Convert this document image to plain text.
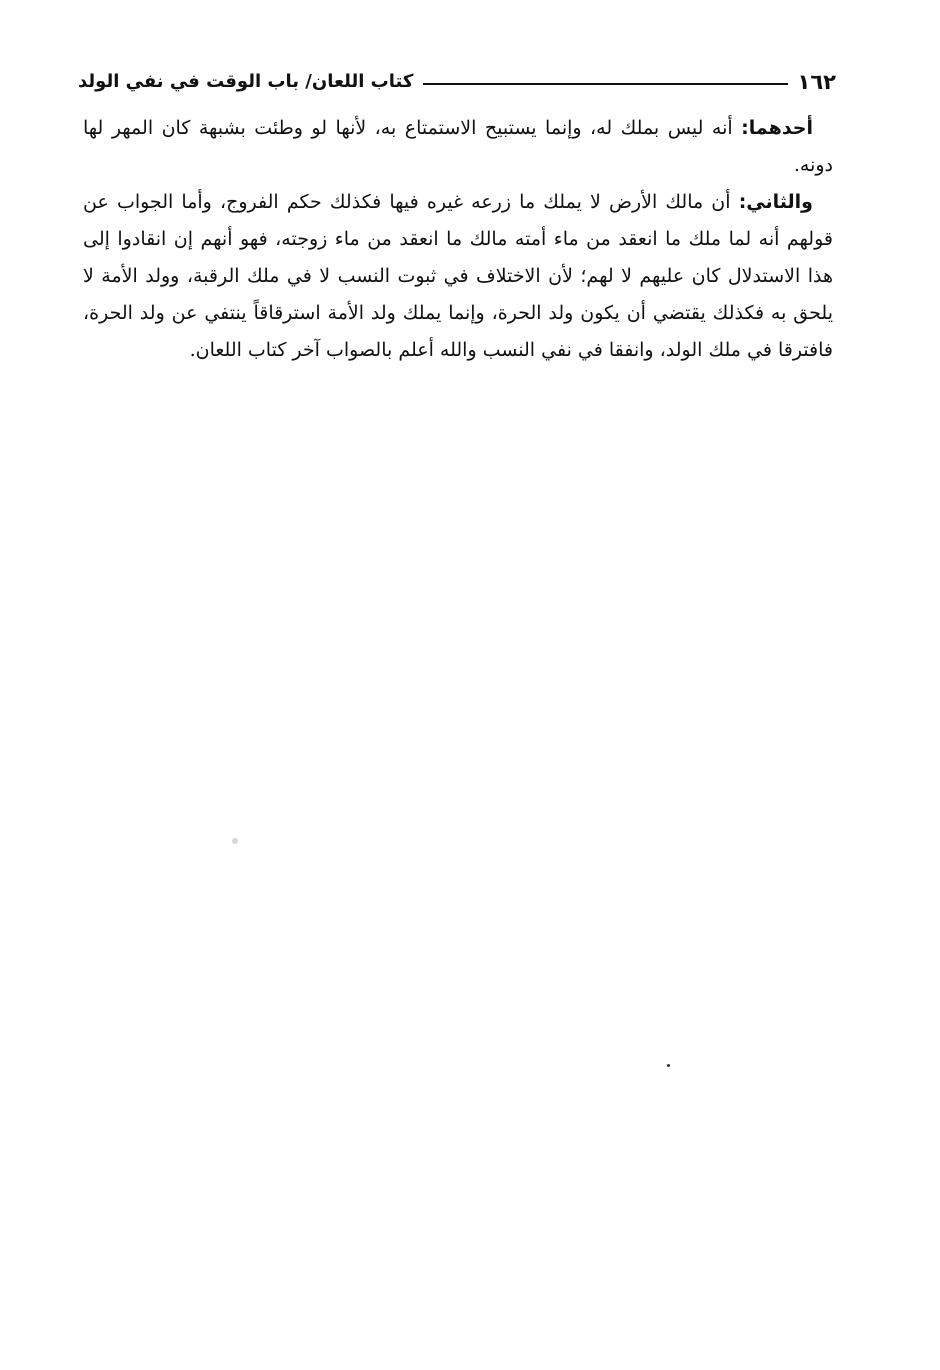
١٦٢
كتاب اللعان/ باب الوقت في نفي الولد

أحدهما: أنه ليس بملك له، وإنما يستبيح الاستمتاع به، لأنها لو وطئت بشبهة كان المهر لها دونه.

والثاني: أن مالك الأرض لا يملك ما زرعه غيره فيها فكذلك حكم الفروج، وأما الجواب عن قولهم أنه لما ملك ما انعقد من ماء أمته مالك ما انعقد من ماء زوجته، فهو أنهم إن انقادوا إلى هذا الاستدلال كان عليهم لا لهم؛ لأن الاختلاف في ثبوت النسب لا في ملك الرقبة، وولد الأمة لا يلحق به فكذلك يقتضي أن يكون ولد الحرة، وإنما يملك ولد الأمة استرقاقاً ينتفي عن ولد الحرة، فافترقا في ملك الولد، وانفقا في نفي النسب والله أعلم بالصواب آخر كتاب اللعان.
